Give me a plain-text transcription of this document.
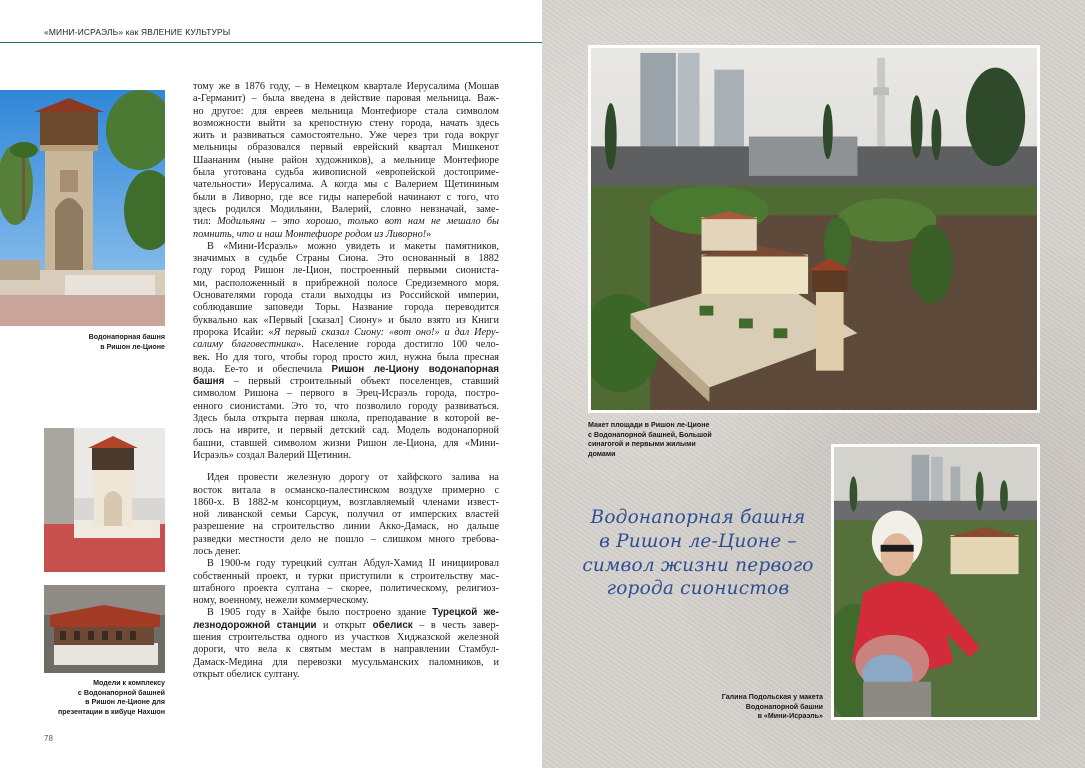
«МИНИ-ИСРАЭЛЬ» как ЯВЛЕНИЕ КУЛЬТУРЫ
Водонапорная башня
в Ришон ле-Ционе
Модели к комплексу
с Водонапорной башней
в Ришон ле-Ционе для
презентации в кибуце Нахшон
тому же в 1876 году, – в Немецком квартале Иерусалима (Мошав
а-Германит) – была введена в действие паровая мельница. Важ-
но другое: для евреев мельница Монтефиоре стала символом
возможности выйти за крепостную стену города, начать здесь
жить и развиваться самостоятельно. Уже через три года вокруг
мельницы образовался первый еврейский квартал Мишкенот
Шаананим (ныне район художников), а мельнице Монтефиоре
была уготована судьба живописной «европейской достоприме-
чательности» Иерусалима. А когда мы с Валерием Щетининым
были в Ливорно, где все гиды наперебой начинают с того, что
здесь родился Модильяни, Валерий, словно невзначай, заме-
тил: Модильяни – это хорошо, только вот нам не мешало бы
помнить, что и наш Монтефиоре родом из Ливорно!»
В «Мини-Исраэль» можно увидеть и макеты памятников,
значимых в судьбе Страны Сиона. Это основанный в 1882
году город Ришон ле-Цион, построенный первыми сиониста-
ми, расположенный в прибрежной полосе Средиземного моря.
Основателями города стали выходцы из Российской империи,
соблюдавшие заповеди Торы. Название города переводится
буквально как «Первый [сказал] Сиону» и было взято из Книги
пророка Исайи: «Я первый сказал Сиону: «вот оно!» и дал Иеру-
салиму благовестника». Население города достигло 100 чело-
век. Но для того, чтобы город просто жил, нужна была пресная
вода. Ее-то и обеспечила Ришон ле-Циону водонапорная
башня – первый строительный объект поселенцев, ставший
символом Ришона – первого в Эрец-Исраэль города, постро-
енного сионистами. Это то, что позволило городу развиваться.
Здесь была открыта первая школа, преподавание в которой ве-
лось на иврите, и первый детский сад. Модель водонапорной
башни, ставшей символом жизни Ришон ле-Циона, для «Мини-
Исраэль» создал Валерий Щетинин.
Идея провести железную дорогу от хайфского залива на
восток витала в османско-палестинском воздухе примерно с
1860-х. В 1882-м консорциум, возглавляемый членами извест-
ной ливанской семьи Сарсук, получил от имперских властей
разрешение на строительство линии Акко-Дамаск, но дальше
разведки местности дело не пошло – слишком много требова-
лось денег.
В 1900-м году турецкий султан Абдул-Хамид II инициировал
собственный проект, и турки приступили к строительству мас-
штабного проекта султана – скорее, политическому, религиоз-
ному, военному, нежели коммерческому.
В 1905 году в Хайфе было построено здание Турецкой же-
лезнодорожной станции и открыт обелиск – в честь завер-
шения строительства одного из участков Хиджазской железной
дороги, что вела к святым местам в направлении Стамбул-
Дамаск-Медина для перевозки мусульманских паломников, и
открыт обелиск султану.
78
Макет площади в Ришон ле-Ционе
с Водонапорной башней, Большой
синагогой и первыми жилыми
домами
Галина Подольская у макета
Водонапорной башни
в «Мини-Исраэль»
Водонапорная башня
в Ришон ле-Ционе –
символ жизни первого
города сионистов
